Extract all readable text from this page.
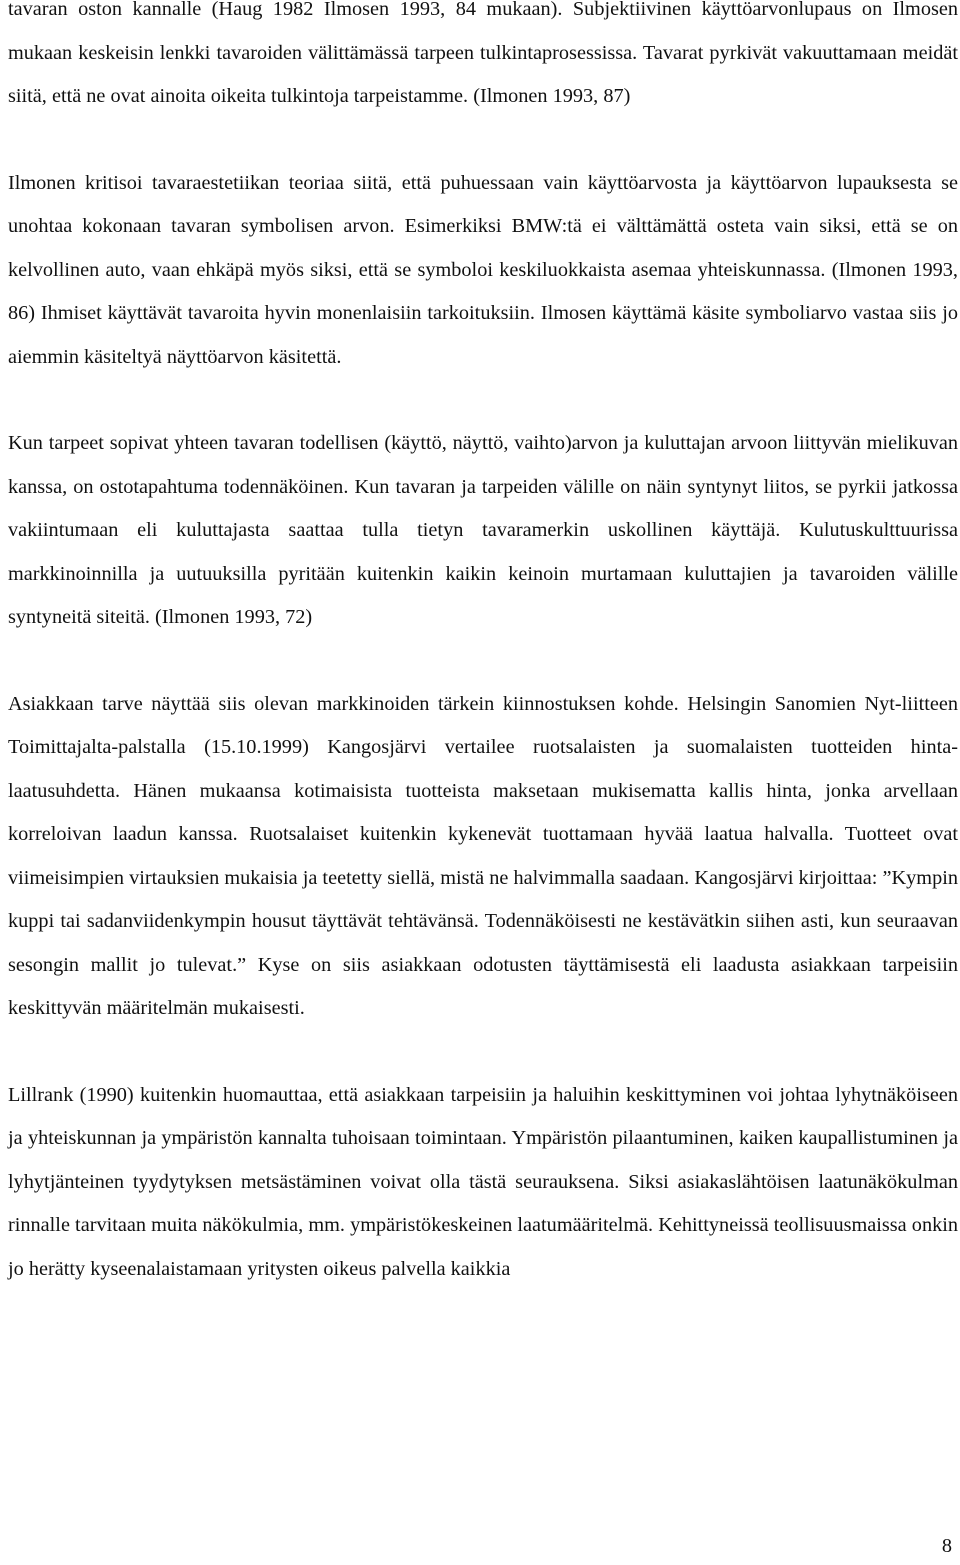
tavaran oston kannalle (Haug 1982 Ilmosen 1993, 84 mukaan). Subjektiivinen käyttöarvonlupaus on Ilmosen mukaan keskeisin lenkki tavaroiden välittämässä tarpeen tulkintaprosessissa. Tavarat pyrkivät vakuuttamaan meidät siitä, että ne ovat ainoita oikeita tulkintoja tarpeistamme. (Ilmonen 1993, 87)

Ilmonen kritisoi tavaraestetiikan teoriaa siitä, että puhuessaan vain käyttöarvosta ja käyttöarvon lupauksesta se unohtaa kokonaan tavaran symbolisen arvon. Esimerkiksi BMW:tä ei välttämättä osteta vain siksi, että se on kelvollinen auto, vaan ehkäpä myös siksi, että se symboloi keskiluokkaista asemaa yhteiskunnassa. (Ilmonen 1993, 86) Ihmiset käyttävät tavaroita hyvin monenlaisiin tarkoituksiin. Ilmosen käyttämä käsite symboliarvo vastaa siis jo aiemmin käsiteltyä näyttöarvon käsitettä.

Kun tarpeet sopivat yhteen tavaran todellisen (käyttö, näyttö, vaihto)arvon ja kuluttajan arvoon liittyvän mielikuvan kanssa, on ostotapahtuma todennäköinen. Kun tavaran ja tarpeiden välille on näin syntynyt liitos, se pyrkii jatkossa vakiintumaan eli kuluttajasta saattaa tulla tietyn tavaramerkin uskollinen käyttäjä. Kulutuskulttuurissa markkinoinnilla ja uutuuksilla pyritään kuitenkin kaikin keinoin murtamaan kuluttajien ja tavaroiden välille syntyneitä siteitä. (Ilmonen 1993, 72)

Asiakkaan tarve näyttää siis olevan markkinoiden tärkein kiinnostuksen kohde. Helsingin Sanomien Nyt-liitteen Toimittajalta-palstalla (15.10.1999) Kangosjärvi vertailee ruotsalaisten ja suomalaisten tuotteiden hinta-laatusuhdetta. Hänen mukaansa kotimaisista tuotteista maksetaan mukisematta kallis hinta, jonka arvellaan korreloivan laadun kanssa. Ruotsalaiset kuitenkin kykenevät tuottamaan hyvää laatua halvalla. Tuotteet ovat viimeisimpien virtauksien mukaisia ja teetetty siellä, mistä ne halvimmalla saadaan. Kangosjärvi kirjoittaa: ”Kympin kuppi tai sadanviidenkympin housut täyttävät tehtävänsä. Todennäköisesti ne kestävätkin siihen asti, kun seuraavan sesongin mallit jo tulevat.” Kyse on siis asiakkaan odotusten täyttämisestä eli laadusta asiakkaan tarpeisiin keskittyvän määritelmän mukaisesti.

Lillrank (1990) kuitenkin huomauttaa, että asiakkaan tarpeisiin ja haluihin keskittyminen voi johtaa lyhytnäköiseen ja yhteiskunnan ja ympäristön kannalta tuhoisaan toimintaan. Ympäristön pilaantuminen, kaiken kaupallistuminen ja lyhytjänteinen tyydytyksen metsästäminen voivat olla tästä seurauksena. Siksi asiakaslähtöisen laatunäkökulman rinnalle tarvitaan muita näkökulmia, mm. ympäristökeskeinen laatumääritelmä. Kehittyneissä teollisuusmaissa onkin jo herätty kyseenalaistamaan yritysten oikeus palvella kaikkia

8
